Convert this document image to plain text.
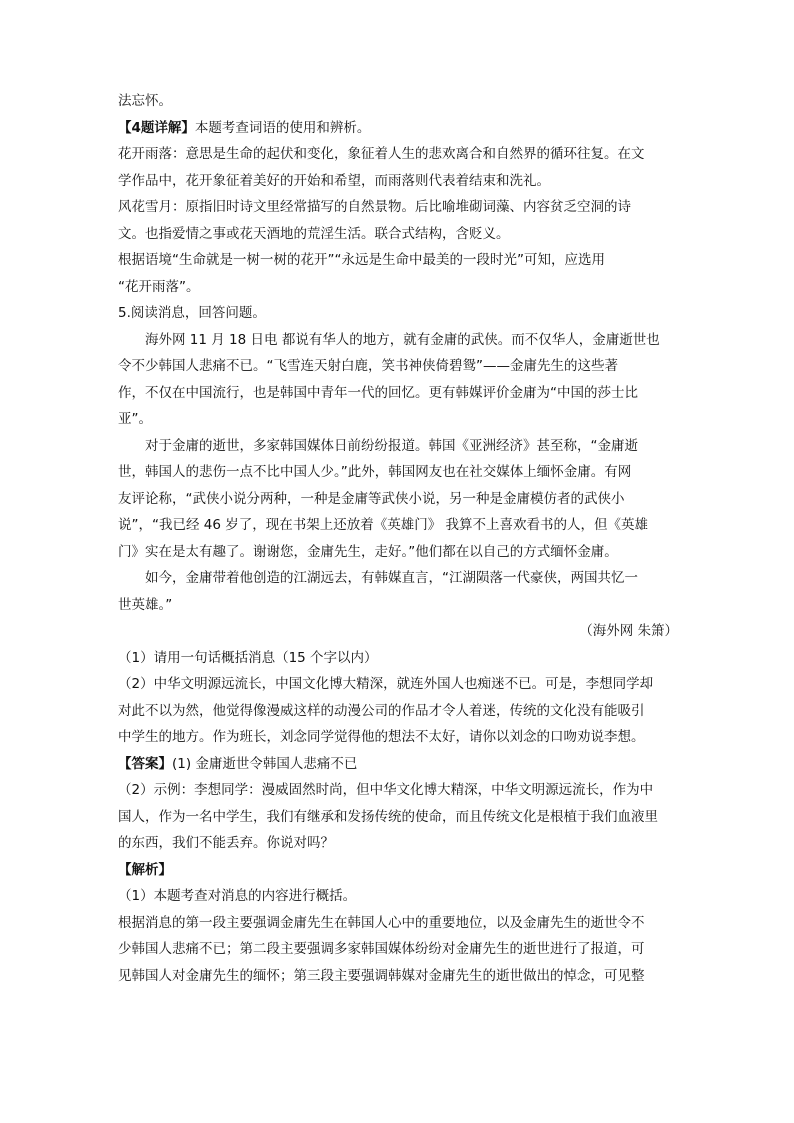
法忘怀。
【4题详解】本题考查词语的使用和辨析。
花开雨落：意思是生命的起伏和变化，象征着人生的悲欢离合和自然界的循环往复。在文
学作品中，花开象征着美好的开始和希望，而雨落则代表着结束和洗礼。
风花雪月：原指旧时诗文里经常描写的自然景物。后比喻堆砌词藻、内容贫乏空洞的诗
文。也指爱情之事或花天酒地的荒淫生活。联合式结构，含贬义。
根据语境“生命就是一树一树的花开”“永远是生命中最美的一段时光”可知，应选用
“花开雨落”。
5.阅读消息，回答问题。
海外网 11 月 18 日电 都说有华人的地方，就有金庸的武侠。而不仅华人，金庸逝世也
令不少韩国人悲痛不已。“飞雪连天射白鹿，笑书神侠倚碧鸳”——金庸先生的这些著
作，不仅在中国流行，也是韩国中青年一代的回忆。更有韩媒评价金庸为“中国的莎士比
亚”。
对于金庸的逝世，多家韩国媒体日前纷纷报道。韩国《亚洲经济》甚至称，“金庸逝
世，韩国人的悲伤一点不比中国人少。”此外，韩国网友也在社交媒体上缅怀金庸。有网
友评论称，“武侠小说分两种，一种是金庸等武侠小说，另一种是金庸模仿者的武侠小
说”，“我已经 46 岁了，现在书架上还放着《英雄门》 我算不上喜欢看书的人，但《英雄
门》实在是太有趣了。谢谢您，金庸先生，走好。”他们都在以自己的方式缅怀金庸。
如今，金庸带着他创造的江湖远去，有韩媒直言，“江湖陨落一代豪侠，两国共忆一
世英雄。”
（海外网 朱箫）
（1）请用一句话概括消息（15 个字以内）
（2）中华文明源远流长，中国文化博大精深，就连外国人也痴迷不已。可是，李想同学却
对此不以为然，他觉得像漫威这样的动漫公司的作品才令人着迷，传统的文化没有能吸引
中学生的地方。作为班长，刘念同学觉得他的想法不太好，请你以刘念的口吻劝说李想。
【答案】(1) 金庸逝世令韩国人悲痛不已
（2）示例：李想同学：漫威固然时尚，但中华文化博大精深，中华文明源远流长，作为中
国人，作为一名中学生，我们有继承和发扬传统的使命，而且传统文化是根植于我们血液里
的东西，我们不能丢弃。你说对吗？
【解析】
（1）本题考查对消息的内容进行概括。
根据消息的第一段主要强调金庸先生在韩国人心中的重要地位，以及金庸先生的逝世令不
少韩国人悲痛不已；第二段主要强调多家韩国媒体纷纷对金庸先生的逝世进行了报道，可
见韩国人对金庸先生的缅怀；第三段主要强调韩媒对金庸先生的逝世做出的悼念，可见整
